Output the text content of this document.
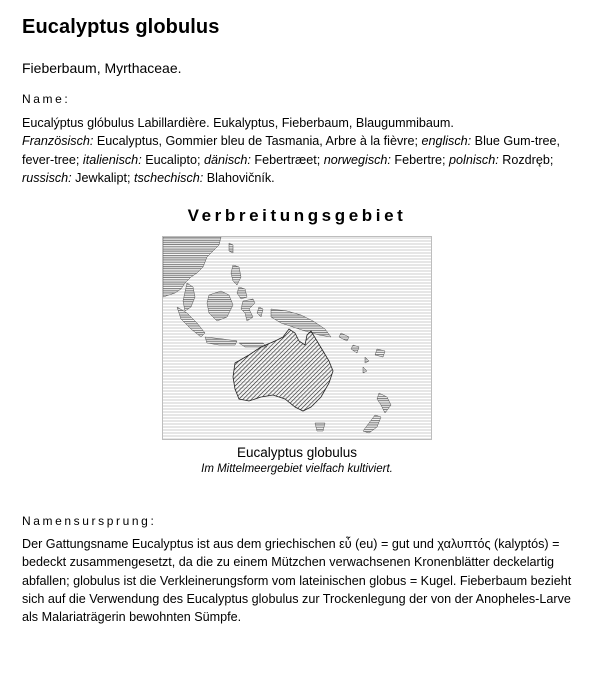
Eucalyptus globulus
Fieberbaum, Myrthaceae.
Name:
Eucalýptus glóbulus Labillardière. Eukalyptus, Fieberbaum, Blaugummibaum.
Französisch: Eucalyptus, Gommier bleu de Tasmania, Arbre à la fièvre; englisch: Blue Gum-tree, fever-tree; italienisch: Eucalipto; dänisch: Febertræet; norwegisch: Febertre; polnisch: Rozdręb; russisch: Jewkalipt; tschechisch: Blahovičník.
Verbreitungsgebiet
Eucalyptus globulus
Im Mittelmeergebiet vielfach kultiviert.
Namensursprung:
Der Gattungsname Eucalyptus ist aus dem griechischen εὖ (eu) = gut und χαλυπτός (kalyptós) = bedeckt zusammengesetzt, da die zu einem Mützchen verwachsenen Kronenblätter deckelartig abfallen; globulus ist die Verkleinerungsform vom lateinischen globus = Kugel. Fieberbaum bezieht sich auf die Verwendung des Eucalyptus globulus zur Trockenlegung der von der Anopheles-Larve als Malariaträgerin bewohnten Sümpfe.
